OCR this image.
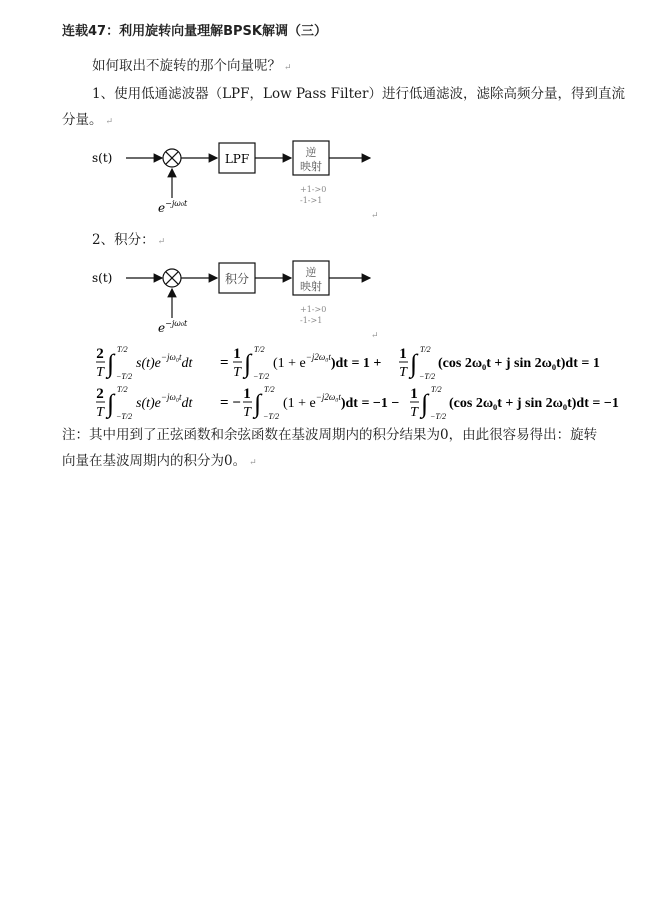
连载47：利用旋转向量理解BPSK解调（三）
如何取出不旋转的那个向量呢？ ↵
1、使用低通滤波器（LPF，Low Pass Filter）进行低通滤波，滤除高频分量，得到直流
分量。 ↵
s(t)
$e^{-j\omega_0t}$
LPF	逆
映射
+1->0
-1->1
↵
2、积分： ↵
s(t)
$e^{-j\omega_0t}$
积分	逆
映射
+1->0
-1->1
↵
2
T ∫ T/2
−T/2
$s(t)e^{-j\omega_0t}dt$ =
1
T ∫ T/2
−T/2
$(1 + e^{-j2\omega_0t})dt = 1$ +
1
T ∫ T/2
−T/2
(cos 2ω₀t + j sin 2ω₀t)dt = 1
2
T ∫ T/2
−T/2
$s(t)e^{-j\omega_0t}dt$ = −
1
T ∫ T/2
−T/2
$(1 + e^{-j2\omega_0t})dt = -1$ −
1
T ∫ T/2
−T/2
(cos 2ω₀t + j sin 2ω₀t)dt = −1
注：其中用到了正弦函数和余弦函数在基波周期内的积分结果为0，由此很容易得出：旋转
向量在基波周期内的积分为0。 ↵
